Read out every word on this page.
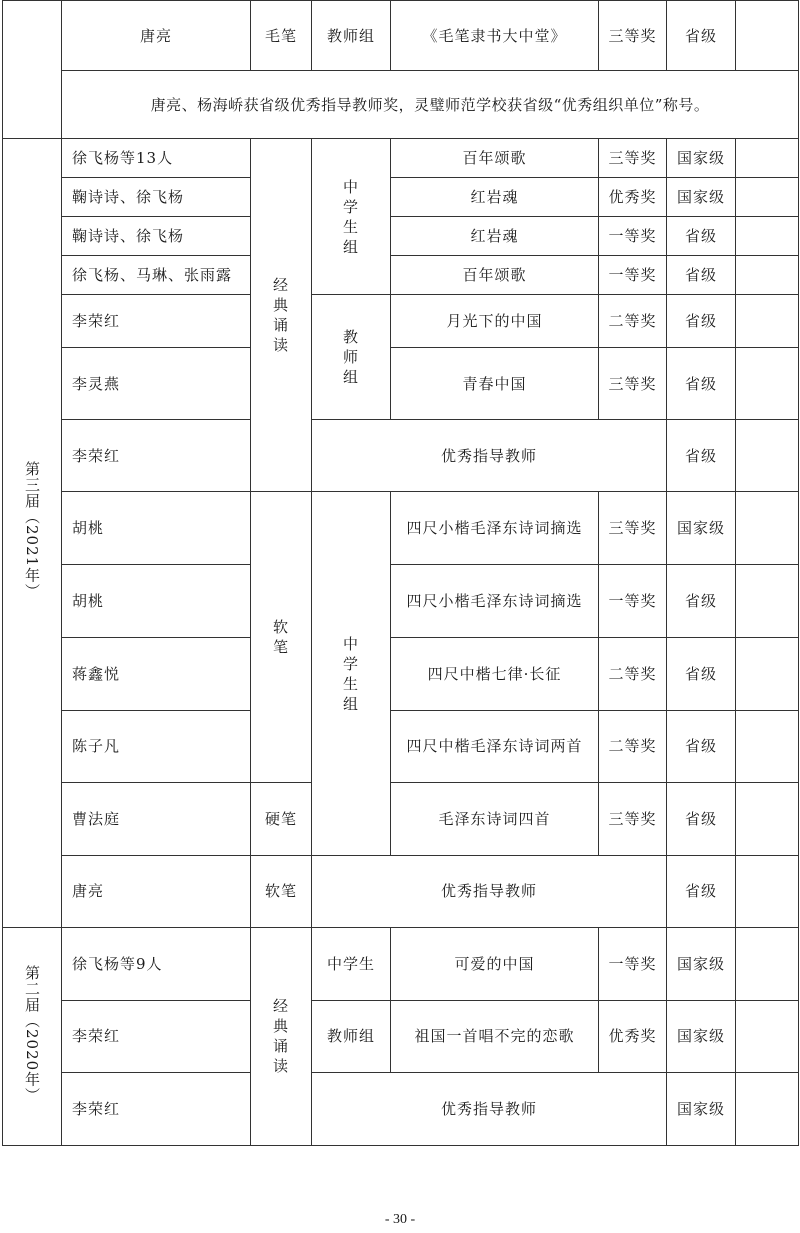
	唐亮	毛笔	教师组	《毛笔隶书大中堂》	三等奖	省级	
	唐亮、杨海峤获省级优秀指导教师奖，灵璧师范学校获省级“优秀组织单位”称号。						
第三届（2021年）	徐飞杨等13人	经典诵读	中学生组	百年颂歌	三等奖	国家级	
	鞠诗诗、徐飞杨			红岩魂	优秀奖	国家级	
	鞠诗诗、徐飞杨			红岩魂	一等奖	省级	
	徐飞杨、马琳、张雨露			百年颂歌	一等奖	省级	
	李荣红		教师组	月光下的中国	二等奖	省级	
	李灵燕			青春中国	三等奖	省级	
	李荣红		优秀指导教师			省级	
	胡桃	软笔	中学生组	四尺小楷毛泽东诗词摘选	三等奖	国家级	
	胡桃			四尺小楷毛泽东诗词摘选	一等奖	省级	
	蒋鑫悦			四尺中楷七律·长征	二等奖	省级	
	陈子凡			四尺中楷毛泽东诗词两首	二等奖	省级	
	曹法庭	硬笔		毛泽东诗词四首	三等奖	省级	
	唐亮	软笔	优秀指导教师			省级	
第二届（2020年）	徐飞杨等9人	经典诵读	中学生	可爱的中国	一等奖	国家级	
	李荣红		教师组	祖国一首唱不完的恋歌	优秀奖	国家级	
	李荣红		优秀指导教师			国家级	
- 30 -
